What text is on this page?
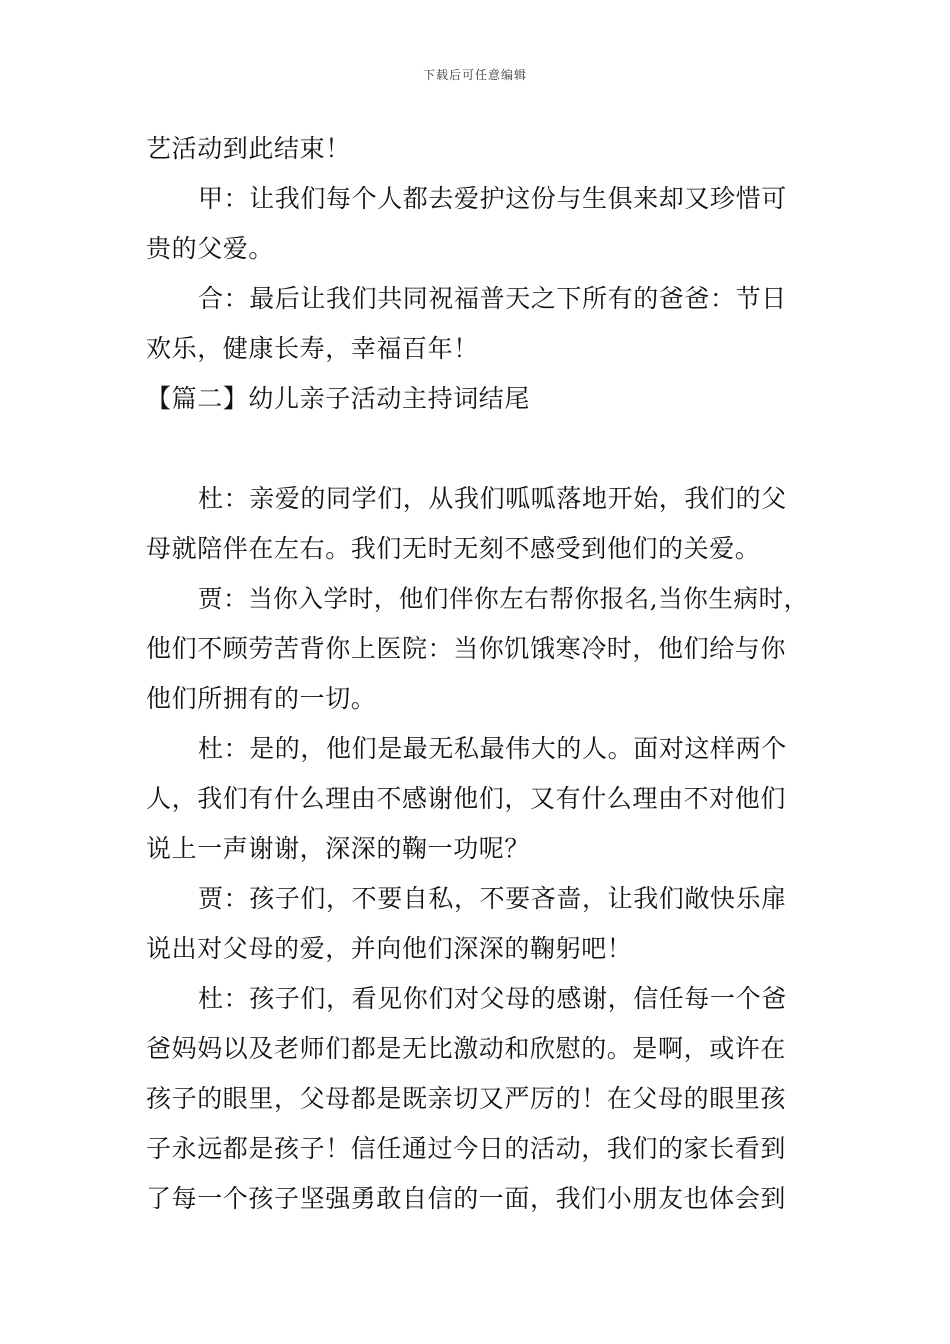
下载后可任意编辑
艺活动到此结束！
甲：让我们每个人都去爱护这份与生俱来却又珍惜可
贵的父爱。
合：最后让我们共同祝福普天之下所有的爸爸：节日
欢乐，健康长寿，幸福百年！
【篇二】幼儿亲子活动主持词结尾
杜：亲爱的同学们，从我们呱呱落地开始，我们的父
母就陪伴在左右。我们无时无刻不感受到他们的关爱。
贾：当你入学时，他们伴你左右帮你报名,当你生病时，
他们不顾劳苦背你上医院：当你饥饿寒冷时，他们给与你
他们所拥有的一切。
杜：是的，他们是最无私最伟大的人。面对这样两个
人，我们有什么理由不感谢他们，又有什么理由不对他们
说上一声谢谢，深深的鞠一功呢？
贾：孩子们，不要自私，不要吝啬，让我们敞快乐扉
说出对父母的爱，并向他们深深的鞠躬吧！
杜：孩子们，看见你们对父母的感谢，信任每一个爸
爸妈妈以及老师们都是无比激动和欣慰的。是啊，或许在
孩子的眼里，父母都是既亲切又严厉的！在父母的眼里孩
子永远都是孩子！信任通过今日的活动，我们的家长看到
了每一个孩子坚强勇敢自信的一面，我们小朋友也体会到
